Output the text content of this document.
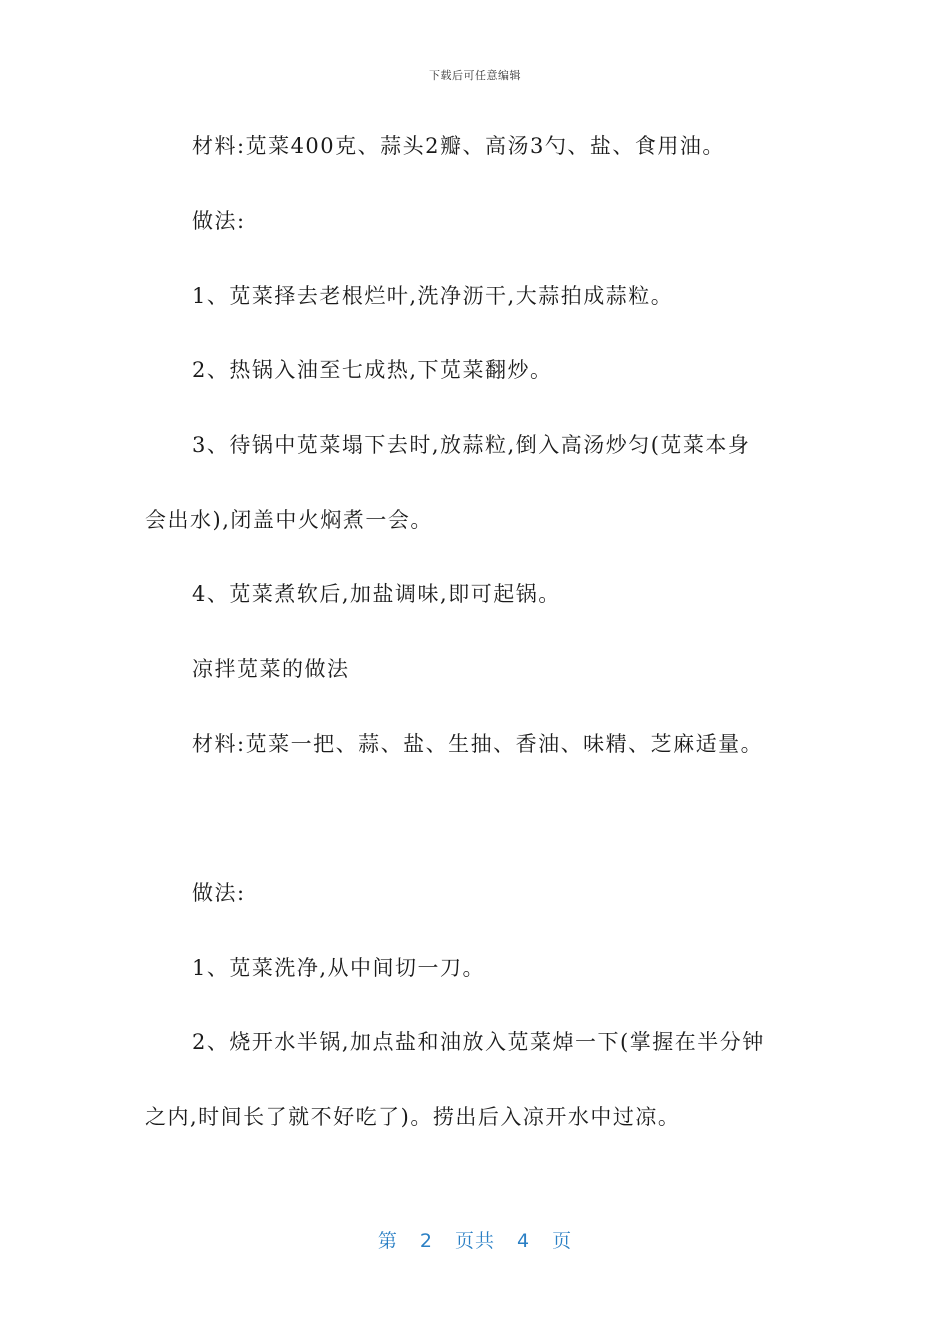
下载后可任意编辑
材料:苋菜400克、蒜头2瓣、高汤3勺、盐、食用油。
做法:
1、苋菜择去老根烂叶,洗净沥干,大蒜拍成蒜粒。
2、热锅入油至七成热,下苋菜翻炒。
3、待锅中苋菜塌下去时,放蒜粒,倒入高汤炒匀(苋菜本身
会出水),闭盖中火焖煮一会。
4、苋菜煮软后,加盐调味,即可起锅。
凉拌苋菜的做法
材料:苋菜一把、蒜、盐、生抽、香油、味精、芝麻适量。
做法:
1、苋菜洗净,从中间切一刀。
2、烧开水半锅,加点盐和油放入苋菜焯一下(掌握在半分钟
之内,时间长了就不好吃了)。捞出后入凉开水中过凉。
第 2 页共 4 页
